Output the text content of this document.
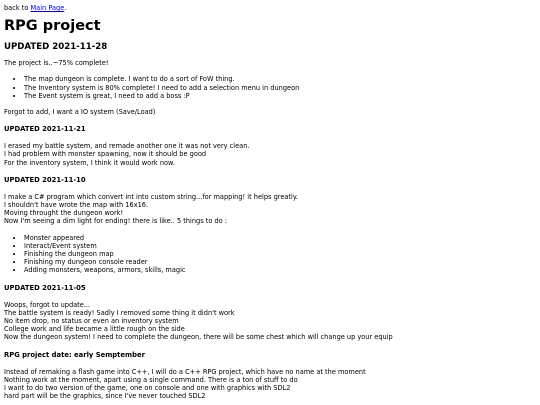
back to Main Page.

RPG project
UPDATED 2021-11-28

The project is..~75% complete!

• The map dungeon is complete. I want to do a sort of FoW thing.
• The Inventory system is 80% complete! I need to add a selection menu in dungeon
• The Event system is great, I need to add a boss :P

Forgot to add, I want a IO system (Save/Load)

UPDATED 2021-11-21

I erased my battle system, and remade another one it was not very clean.

I had problem with monster spawning, now it should be good

For the inventory system, I think it would work now.

UPDATED 2021-11-10

I make a C# program which convert int into custom string...for mapping! it helps greatly.

I shouldn't have wrote the map with 16x16.

Moving throught the dungeon work!

Now I'm seeing a dim light for ending! there is like.. 5 things to do :

• Monster appeared
• Interact/Event system
• Finishing the dungeon map
• Finishing my dungeon console reader
• Adding monsters, weapons, armors, skills, magic
UPDATED 2021-11-05

Woops, forgot to update...

The battle system is ready! Sadly I removed some thing it didn't work

No item drop, no status or even an inventory system

College work and life became a little rough on the side

Now the dungeon system! I need to complete the dungeon, there will be some chest which will change up your equip

RPG project date: early Semptember

Instead of remaking a flash game into C++, I will do a C++ RPG project, which have no name at the moment

Nothing work at the moment, apart using a single command. There is a ton of stuff to do

I want to do two version of the game, one on console and one with graphics with SDL2

hard part will be the graphics, since I've never touched SDL2
